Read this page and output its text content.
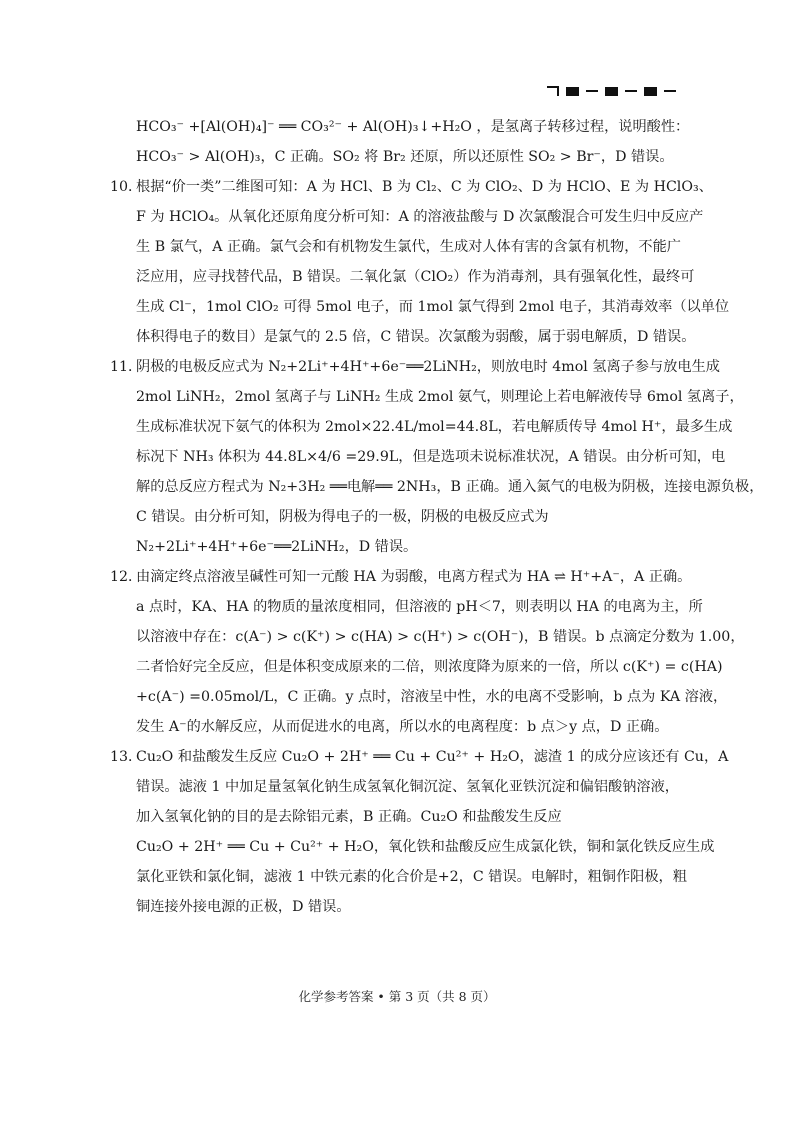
HCO₃⁻ +[Al(OH)₄]⁻ ══ CO₃²⁻ + Al(OH)₃↓+H₂O ，是氢离子转移过程，说明酸性：
HCO₃⁻ > Al(OH)₃，C 正确。SO₂ 将 Br₂ 还原，所以还原性 SO₂ > Br⁻，D 错误。
10．
根据“价一类”二维图可知：A 为 HCl、B 为 Cl₂、C 为 ClO₂、D 为 HClO、E 为 HClO₃、
F 为 HClO₄。从氧化还原角度分析可知：A 的溶液盐酸与 D 次氯酸混合可发生归中反应产
生 B 氯气，A 正确。氯气会和有机物发生氯代，生成对人体有害的含氯有机物，不能广
泛应用，应寻找替代品，B 错误。二氧化氯（ClO₂）作为消毒剂，具有强氧化性，最终可
生成 Cl⁻，1mol ClO₂ 可得 5mol 电子，而 1mol 氯气得到 2mol 电子，其消毒效率（以单位
体积得电子的数目）是氯气的 2.5 倍，C 错误。次氯酸为弱酸，属于弱电解质，D 错误。
11．
阴极的电极反应式为 N₂+2Li⁺+4H⁺+6e⁻══2LiNH₂，则放电时 4mol 氢离子参与放电生成
2mol LiNH₂，2mol 氢离子与 LiNH₂ 生成 2mol 氨气，则理论上若电解液传导 6mol 氢离子，
生成标准状况下氨气的体积为 2mol×22.4L/mol=44.8L，若电解质传导 4mol H⁺，最多生成
标况下 NH₃ 体积为 44.8L×4/6 =29.9L，但是选项未说标准状况，A 错误。由分析可知，电
解的总反应方程式为 N₂+3H₂ ══电解══ 2NH₃，B 正确。通入氮气的电极为阴极，连接电源负极，
C 错误。由分析可知，阴极为得电子的一极，阴极的电极反应式为
N₂+2Li⁺+4H⁺+6e⁻══2LiNH₂，D 错误。
12．
由滴定终点溶液呈碱性可知一元酸 HA 为弱酸，电离方程式为 HA ⇌ H⁺+A⁻，A 正确。
a 点时，KA、HA 的物质的量浓度相同，但溶液的 pH＜7，则表明以 HA 的电离为主，所
以溶液中存在：c(A⁻) > c(K⁺) > c(HA) > c(H⁺) > c(OH⁻)，B 错误。b 点滴定分数为 1.00，
二者恰好完全反应，但是体积变成原来的二倍，则浓度降为原来的一倍，所以 c(K⁺) = c(HA)
+c(A⁻) =0.05mol/L，C 正确。y 点时，溶液呈中性，水的电离不受影响，b 点为 KA 溶液，
发生 A⁻的水解反应，从而促进水的电离，所以水的电离程度：b 点＞y 点，D 正确。
13．
Cu₂O 和盐酸发生反应 Cu₂O + 2H⁺ ══ Cu + Cu²⁺ + H₂O，滤渣 1 的成分应该还有 Cu，A
错误。滤液 1 中加足量氢氧化钠生成氢氧化铜沉淀、氢氧化亚铁沉淀和偏铝酸钠溶液，
加入氢氧化钠的目的是去除铝元素，B 正确。Cu₂O 和盐酸发生反应
Cu₂O + 2H⁺ ══ Cu + Cu²⁺ + H₂O，氧化铁和盐酸反应生成氯化铁，铜和氯化铁反应生成
氯化亚铁和氯化铜，滤液 1 中铁元素的化合价是+2，C 错误。电解时，粗铜作阳极，粗
铜连接外接电源的正极，D 错误。
化学参考答案 • 第 3 页（共 8 页）
